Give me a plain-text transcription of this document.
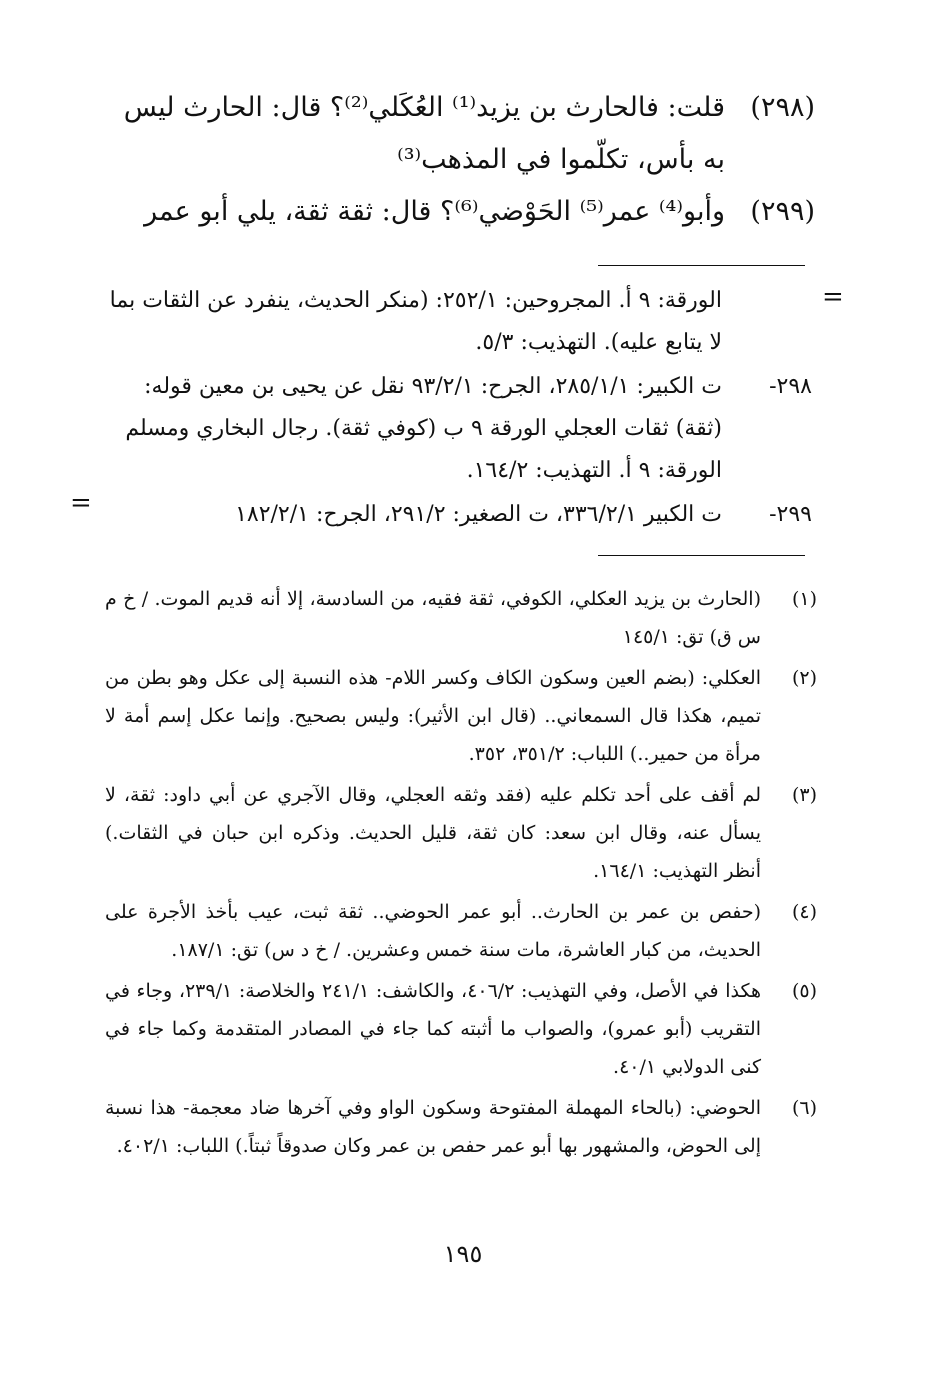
(٢٩٨)
قلت: فالحارث بن يزيد⁽¹⁾ العُكَلي⁽²⁾؟ قال: الحارث ليس به بأس، تكلّموا في المذهب⁽³⁾

(٢٩٩)
وأبو⁽⁴⁾ عمر⁽⁵⁾ الحَوْضي⁽⁶⁾؟ قال: ثقة ثقة، يلي أبو عمر

=

الورقة: ٩ أ. المجروحين: ٢٥٢/١: (منكر الحديث، ينفرد عن الثقات بما لا يتابع عليه). التهذيب: ٥/٣.

٢٩٨-
ت الكبير: ٢٨٥/١/١، الجرح: ٩٣/٢/١ نقل عن يحيى بن معين قوله: (ثقة) ثقات العجلي الورقة ٩ ب (كوفي ثقة). رجال البخاري ومسلم الورقة: ٩ أ. التهذيب: ١٦٤/٢.

٢٩٩-
ت الكبير ٣٣٦/٢/١، ت الصغير: ٢٩١/٢، الجرح: ١٨٢/٢/١

=

(١)
(الحارث بن يزيد العكلي، الكوفي، ثقة فقيه، من السادسة، إلا أنه قديم الموت. / خ م س ق) تق: ١٤٥/١

(٢)
العكلي: (بضم العين وسكون الكاف وكسر اللام- هذه النسبة إلى عكل وهو بطن من تميم، هكذا قال السمعاني.. (قال ابن الأثير): وليس بصحيح. وإنما عكل إسم أمة لا مرأة من حمير..) اللباب: ٣٥١/٢، ٣٥٢.

(٣)
لم أقف على أحد تكلم عليه (فقد وثقه العجلي، وقال الآجري عن أبي داود: ثقة، لا يسأل عنه، وقال ابن سعد: كان ثقة، قليل الحديث. وذكره ابن حبان في الثقات.) أنظر التهذيب: ١٦٤/١.

(٤)
(حفص بن عمر بن الحارث.. أبو عمر الحوضي.. ثقة ثبت، عيب بأخذ الأجرة على الحديث، من كبار العاشرة، مات سنة خمس وعشرين. / خ د س) تق: ١٨٧/١.

(٥)
هكذا في الأصل، وفي التهذيب: ٤٠٦/٢، والكاشف: ٢٤١/١ والخلاصة: ٢٣٩/١، وجاء في التقريب (أبو عمرو)، والصواب ما أثبته كما جاء في المصادر المتقدمة وكما جاء في كنى الدولابي ٤٠/١.

(٦)
الحوضي: (بالحاء المهملة المفتوحة وسكون الواو وفي آخرها ضاد معجمة- هذا نسبة إلى الحوض، والمشهور بها أبو عمر حفص بن عمر وكان صدوقاً ثبتاً.) اللباب: ٤٠٢/١.

١٩٥
